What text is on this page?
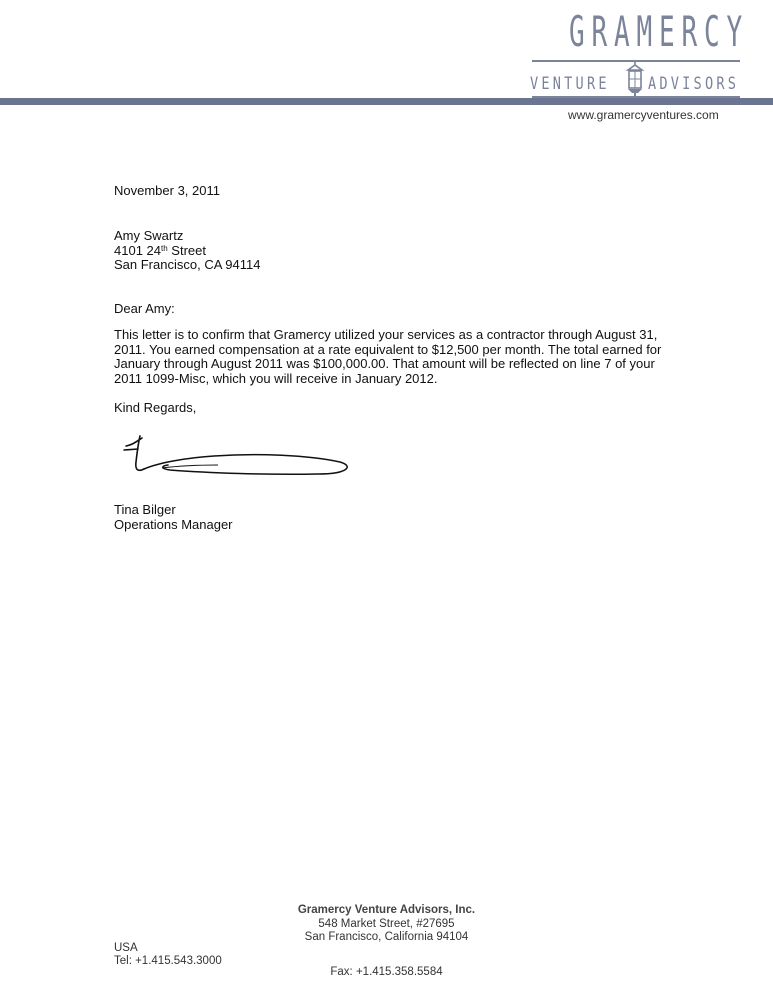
GRAMERCY
VENTURE ADVISORS
www.gramercyventures.com
November 3, 2011
Amy Swartz
4101 24th Street
San Francisco, CA 94114
Dear Amy:
This letter is to confirm that Gramercy utilized your services as a contractor through August 31,
2011. You earned compensation at a rate equivalent to $12,500 per month. The total earned for
January through August 2011 was $100,000.00. That amount will be reflected on line 7 of your
2011 1099-Misc, which you will receive in January 2012.
Kind Regards,
Tina Bilger
Operations Manager
Gramercy Venture Advisors, Inc.
548 Market Street, #27695
San Francisco, California 94104
USA
Tel: +1.415.543.3000
Fax: +1.415.358.5584
